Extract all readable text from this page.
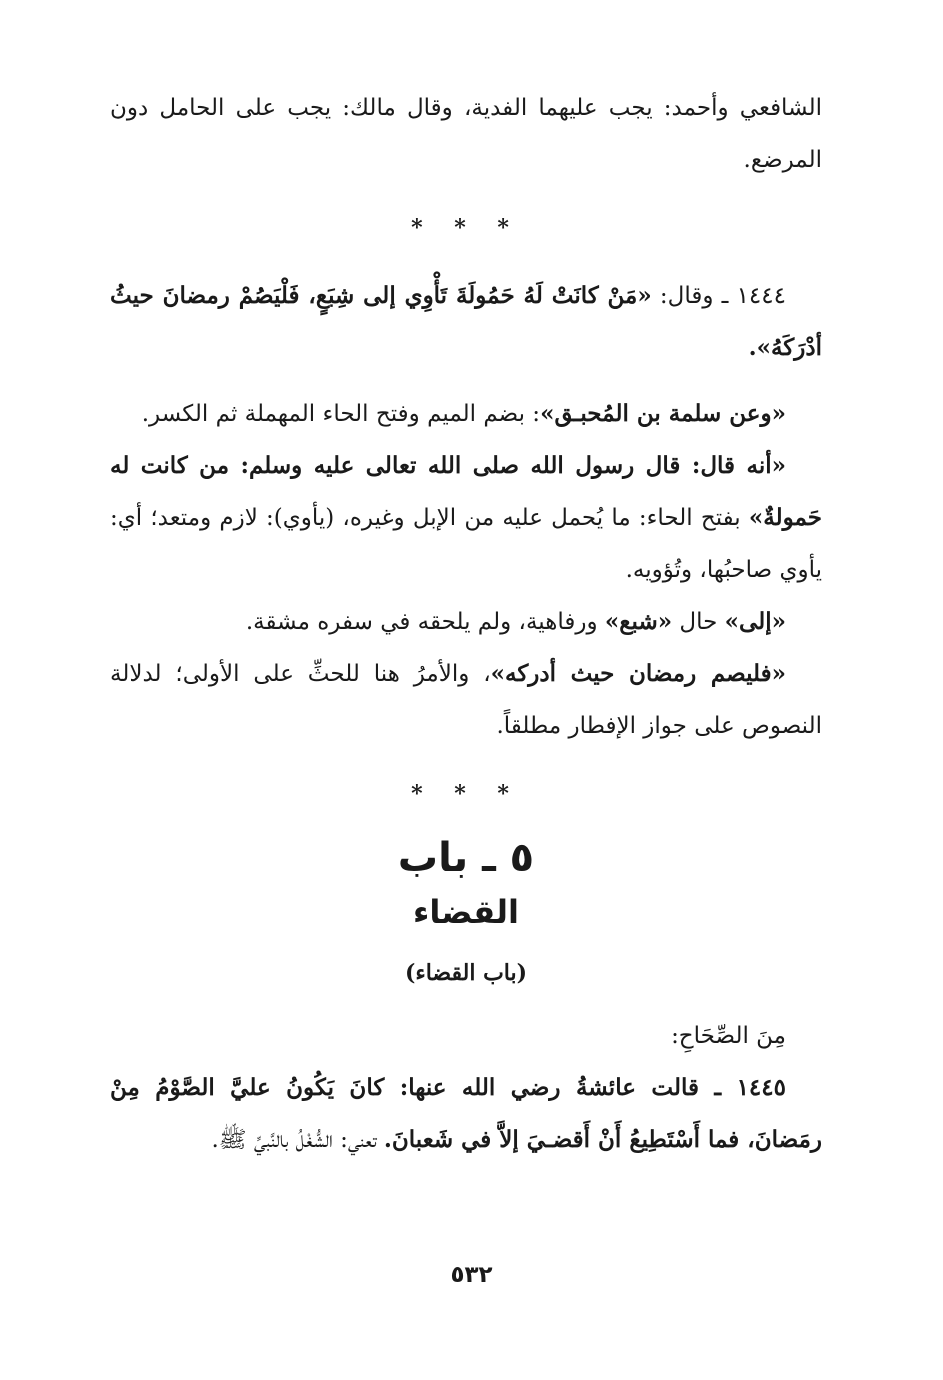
الشافعي وأحمد: يجب عليهما الفدية، وقال مالك: يجب على الحامل دون المرضع.

* * *

١٤٤٤ ـ وقال: «مَنْ كانَتْ لَهُ حَمُولَةَ تَأْوِي إلى شِبَعٍ، فَلْيَصُمْ رمضانَ حيثُ أدْرَكَهُ».

«وعن سلمة بن المُحبـق»: بضم الميم وفتح الحاء المهملة ثم الكسر.

«أنه قال: قال رسول الله صلى الله تعالى عليه وسلم: من كانت له حَمولةٌ» بفتح الحاء: ما يُحمل عليه من الإبل وغيره، (يأوي): لازم ومتعد؛ أي: يأوي صاحبُها، وتُؤويه.

«إلى» حال «شبع» ورفاهية، ولم يلحقه في سفره مشقة.

«فليصم رمضان حيث أدركه»، والأمرُ هنا للحثِّ على الأولى؛ لدلالة النصوص على جواز الإفطار مطلقاً.

* * *
٥ ـ باب
القضاء
(باب القضاء)

مِنَ الصِّحَاحِ:

١٤٤٥ ـ قالت عائشةُ رضي الله عنها: كانَ يَكُونُ عليَّ الصَّوْمُ مِنْ رمَضانَ، فما أَسْتَطِيعُ أَنْ أَقضـيَ إلاَّ في شَعبانَ. تعني: الشُّغْلُ بالنَّبيِّ ﷺ.

٥٣٢
